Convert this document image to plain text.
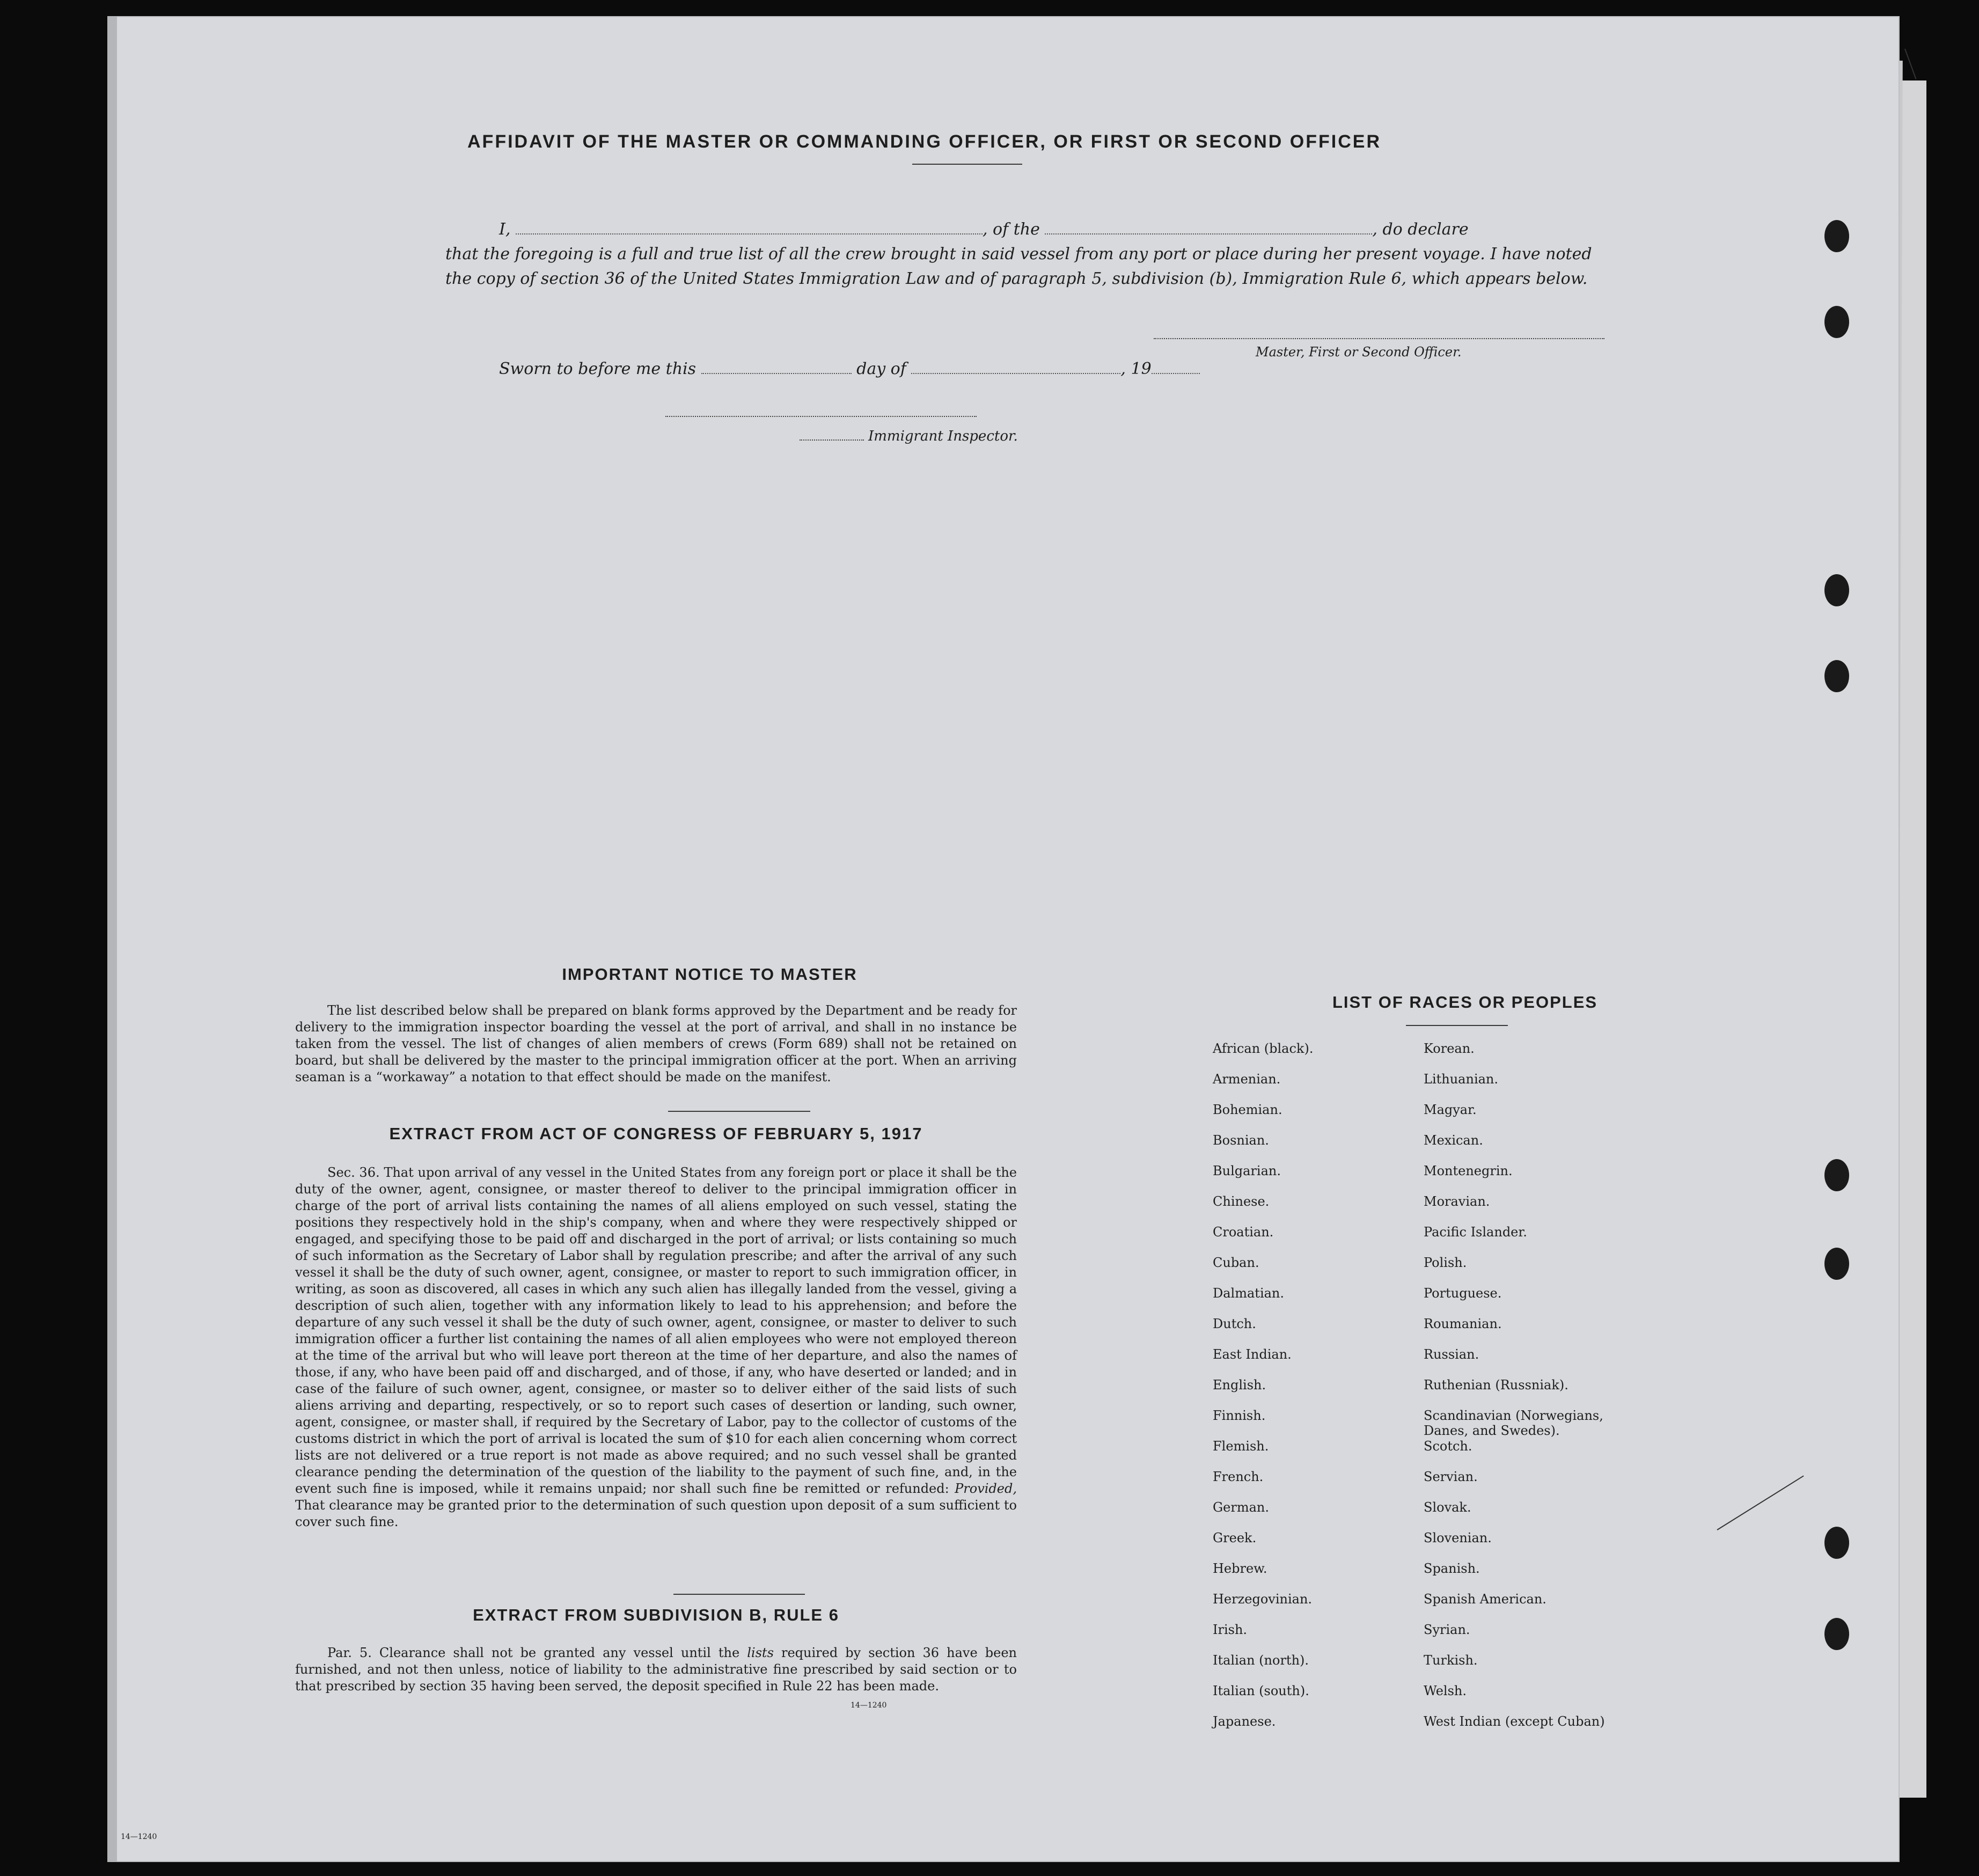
AFFIDAVIT OF THE MASTER OR COMMANDING OFFICER, OR FIRST OR SECOND OFFICER
I,	, of the	, do declare
that the foregoing is a full and true list of all the crew brought in said vessel from any port or place during her present voyage. I have noted the copy of section 36 of the United States Immigration Law and of paragraph 5, subdivision (b), Immigration Rule 6, which appears below.
Master, First or Second Officer.
Sworn to before me this	day of	, 19
Immigrant Inspector.
IMPORTANT NOTICE TO MASTER
The list described below shall be prepared on blank forms approved by the Department and be ready for delivery to the immigration inspector boarding the vessel at the port of arrival, and shall in no instance be taken from the vessel. The list of changes of alien members of crews (Form 689) shall not be retained on board, but shall be delivered by the master to the principal immigration officer at the port. When an arriving seaman is a “workaway” a notation to that effect should be made on the manifest.
EXTRACT FROM ACT OF CONGRESS OF FEBRUARY 5, 1917
Sec. 36. That upon arrival of any vessel in the United States from any foreign port or place it shall be the duty of the owner, agent, consignee, or master thereof to deliver to the principal immigration officer in charge of the port of arrival lists containing the names of all aliens employed on such vessel, stating the positions they respectively hold in the ship's company, when and where they were respectively shipped or engaged, and specifying those to be paid off and discharged in the port of arrival; or lists containing so much of such information as the Secretary of Labor shall by regulation prescribe; and after the arrival of any such vessel it shall be the duty of such owner, agent, consignee, or master to report to such immigration officer, in writing, as soon as discovered, all cases in which any such alien has illegally landed from the vessel, giving a description of such alien, together with any information likely to lead to his apprehension; and before the departure of any such vessel it shall be the duty of such owner, agent, consignee, or master to deliver to such immigration officer a further list containing the names of all alien employees who were not employed thereon at the time of the arrival but who will leave port thereon at the time of her departure, and also the names of those, if any, who have been paid off and discharged, and of those, if any, who have deserted or landed; and in case of the failure of such owner, agent, consignee, or master so to deliver either of the said lists of such aliens arriving and departing, respectively, or so to report such cases of desertion or landing, such owner, agent, consignee, or master shall, if required by the Secretary of Labor, pay to the collector of customs of the customs district in which the port of arrival is located the sum of $10 for each alien concerning whom correct lists are not delivered or a true report is not made as above required; and no such vessel shall be granted clearance pending the determination of the question of the liability to the payment of such fine, and, in the event such fine is imposed, while it remains unpaid; nor shall such fine be remitted or refunded: Provided, That clearance may be granted prior to the determination of such question upon deposit of a sum sufficient to cover such fine.
EXTRACT FROM SUBDIVISION B, RULE 6
Par. 5. Clearance shall not be granted any vessel until the lists required by section 36 have been furnished, and not then unless, notice of liability to the administrative fine prescribed by said section or to that prescribed by section 35 having been served, the deposit specified in Rule 22 has been made.
14—1240
LIST OF RACES OR PEOPLES
African (black).
Armenian.
Bohemian.
Bosnian.
Bulgarian.
Chinese.
Croatian.
Cuban.
Dalmatian.
Dutch.
East Indian.
English.
Finnish.
Flemish.
French.
German.
Greek.
Hebrew.
Herzegovinian.
Irish.
Italian (north).
Italian (south).
Japanese.
Korean.
Lithuanian.
Magyar.
Mexican.
Montenegrin.
Moravian.
Pacific Islander.
Polish.
Portuguese.
Roumanian.
Russian.
Ruthenian (Russniak).
Scandinavian (Norwegians, Danes, and Swedes).
Scotch.
Servian.
Slovak.
Slovenian.
Spanish.
Spanish American.
Syrian.
Turkish.
Welsh.
West Indian (except Cuban)
14—1240
